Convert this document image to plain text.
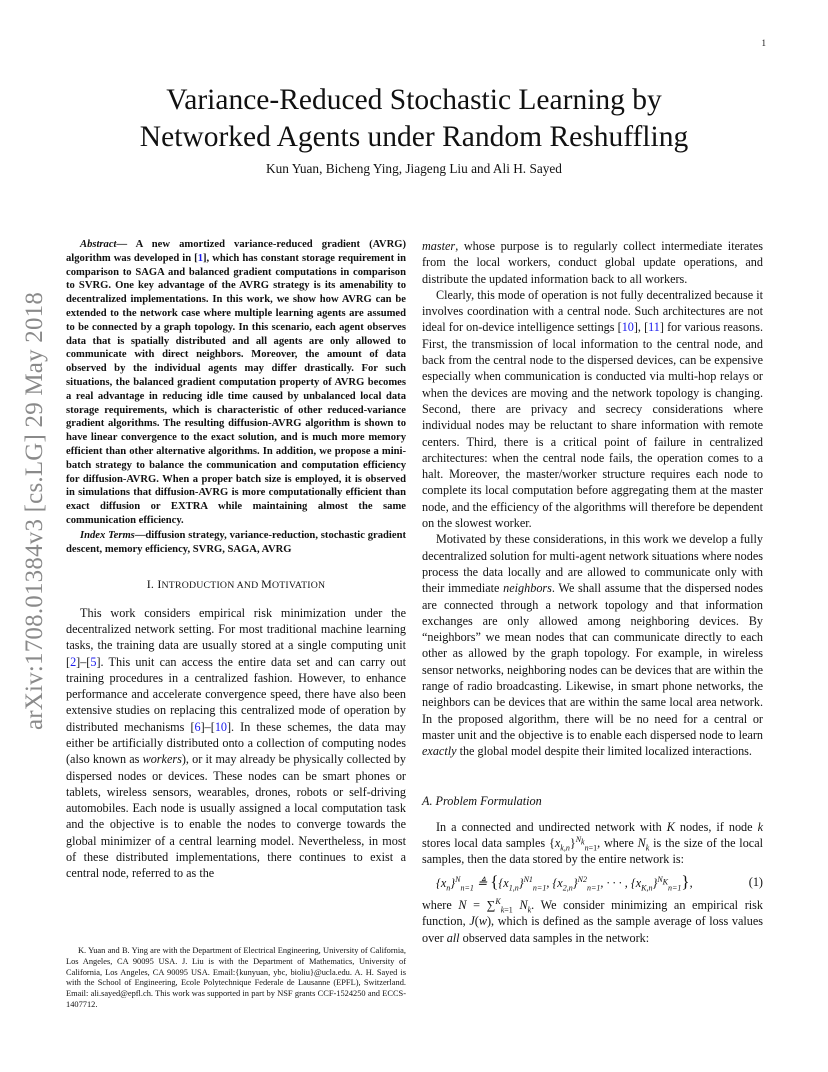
1
arXiv:1708.01384v3 [cs.LG] 29 May 2018
Variance-Reduced Stochastic Learning by
Networked Agents under Random Reshuffling
Kun Yuan, Bicheng Ying, Jiageng Liu and Ali H. Sayed

Abstract— A new amortized variance-reduced gradient (AVRG) algorithm was developed in [1], which has constant storage requirement in comparison to SAGA and balanced gradient computations in comparison to SVRG. One key advantage of the AVRG strategy is its amenability to decentralized implementations. In this work, we show how AVRG can be extended to the network case where multiple learning agents are assumed to be connected by a graph topology. In this scenario, each agent observes data that is spatially distributed and all agents are only allowed to communicate with direct neighbors. Moreover, the amount of data observed by the individual agents may differ drastically. For such situations, the balanced gradient computation property of AVRG becomes a real advantage in reducing idle time caused by unbalanced local data storage requirements, which is characteristic of other reduced-variance gradient algorithms. The resulting diffusion-AVRG algorithm is shown to have linear convergence to the exact solution, and is much more memory efficient than other alternative algorithms. In addition, we propose a mini-batch strategy to balance the communication and computation efficiency for diffusion-AVRG. When a proper batch size is employed, it is observed in simulations that diffusion-AVRG is more computationally efficient than exact diffusion or EXTRA while maintaining almost the same communication efficiency.

Index Terms—diffusion strategy, variance-reduction, stochastic gradient descent, memory efficiency, SVRG, SAGA, AVRG

I. INTRODUCTION AND MOTIVATION

This work considers empirical risk minimization under the decentralized network setting. For most traditional machine learning tasks, the training data are usually stored at a single computing unit [2]–[5]. This unit can access the entire data set and can carry out training procedures in a centralized fashion. However, to enhance performance and accelerate convergence speed, there have also been extensive studies on replacing this centralized mode of operation by distributed mechanisms [6]–[10]. In these schemes, the data may either be artificially distributed onto a collection of computing nodes (also known as workers), or it may already be physically collected by dispersed nodes or devices. These nodes can be smart phones or tablets, wireless sensors, wearables, drones, robots or self-driving automobiles. Each node is usually assigned a local computation task and the objective is to enable the nodes to converge towards the global minimizer of a central learning model. Nevertheless, in most of these distributed implementations, there continues to exist a central node, referred to as the

K. Yuan and B. Ying are with the Department of Electrical Engineering, University of California, Los Angeles, CA 90095 USA. J. Liu is with the Department of Mathematics, University of California, Los Angeles, CA 90095 USA. Email:{kunyuan, ybc, bioliu}@ucla.edu. A. H. Sayed is with the School of Engineering, Ecole Polytechnique Federale de Lausanne (EPFL), Switzerland. Email: ali.sayed@epfl.ch. This work was supported in part by NSF grants CCF-1524250 and ECCS-1407712.

master, whose purpose is to regularly collect intermediate iterates from the local workers, conduct global update operations, and distribute the updated information back to all workers.

Clearly, this mode of operation is not fully decentralized because it involves coordination with a central node. Such architectures are not ideal for on-device intelligence settings [10], [11] for various reasons. First, the transmission of local information to the central node, and back from the central node to the dispersed devices, can be expensive especially when communication is conducted via multi-hop relays or when the devices are moving and the network topology is changing. Second, there are privacy and secrecy considerations where individual nodes may be reluctant to share information with remote centers. Third, there is a critical point of failure in centralized architectures: when the central node fails, the operation comes to a halt. Moreover, the master/worker structure requires each node to complete its local computation before aggregating them at the master node, and the efficiency of the algorithms will therefore be dependent on the slowest worker.

Motivated by these considerations, in this work we develop a fully decentralized solution for multi-agent network situations where nodes process the data locally and are allowed to communicate only with their immediate neighbors. We shall assume that the dispersed nodes are connected through a network topology and that information exchanges are only allowed among neighboring devices. By “neighbors” we mean nodes that can communicate directly to each other as allowed by the graph topology. For example, in wireless sensor networks, neighboring nodes can be devices that are within the range of radio broadcasting. Likewise, in smart phone networks, the neighbors can be devices that are within the same local area network. In the proposed algorithm, there will be no need for a central or master unit and the objective is to enable each dispersed node to learn exactly the global model despite their limited localized interactions.

A. Problem Formulation

In a connected and undirected network with K nodes, if node k stores local data samples $\{x_{k,n}\}^{N_k}_{n=1}$, where $N_k$ is the size of the local samples, then the data stored by the entire network is:

$\{x_n\}^N_{n=1}$ ≜ {$\{x_{1,n}\}^{N1}_{n=1}$, $\{x_{2,n}\}^{N2}_{n=1}$, · · · , $\{x_{K,n}\}^{N_K}_{n=1}$},	(1)

where N = ∑$^K_{k=1}$ $N_k$. We consider minimizing an empirical risk function, J(w), which is defined as the sample average of loss values over all observed data samples in the network:
